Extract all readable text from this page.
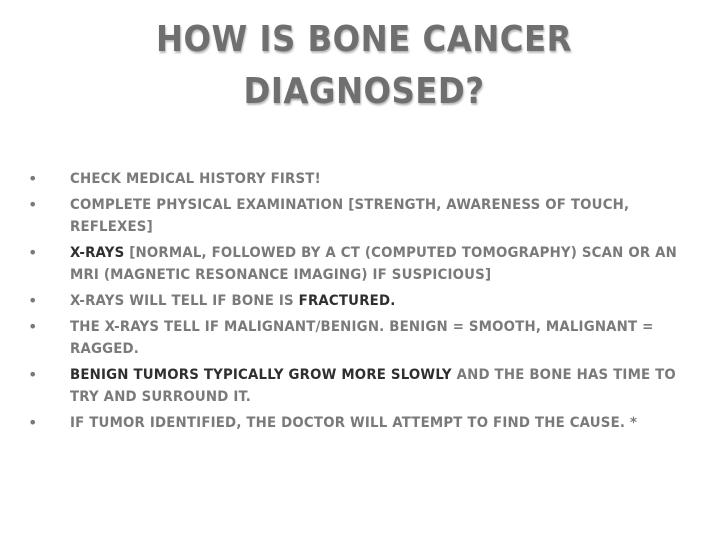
HOW IS BONE CANCER
DIAGNOSED?
• CHECK MEDICAL HISTORY FIRST!
• COMPLETE PHYSICAL EXAMINATION [STRENGTH, AWARENESS OF TOUCH, REFLEXES]
• X-RAYS [NORMAL, FOLLOWED BY A CT (COMPUTED TOMOGRAPHY) SCAN OR AN MRI (MAGNETIC RESONANCE IMAGING) IF SUSPICIOUS]
• X-RAYS WILL TELL IF BONE IS FRACTURED.
• THE X-RAYS TELL IF MALIGNANT/BENIGN. BENIGN = SMOOTH, MALIGNANT = RAGGED.
• BENIGN TUMORS TYPICALLY GROW MORE SLOWLY AND THE BONE HAS TIME TO TRY AND SURROUND IT.
• IF TUMOR IDENTIFIED, THE DOCTOR WILL ATTEMPT TO FIND THE CAUSE. *
